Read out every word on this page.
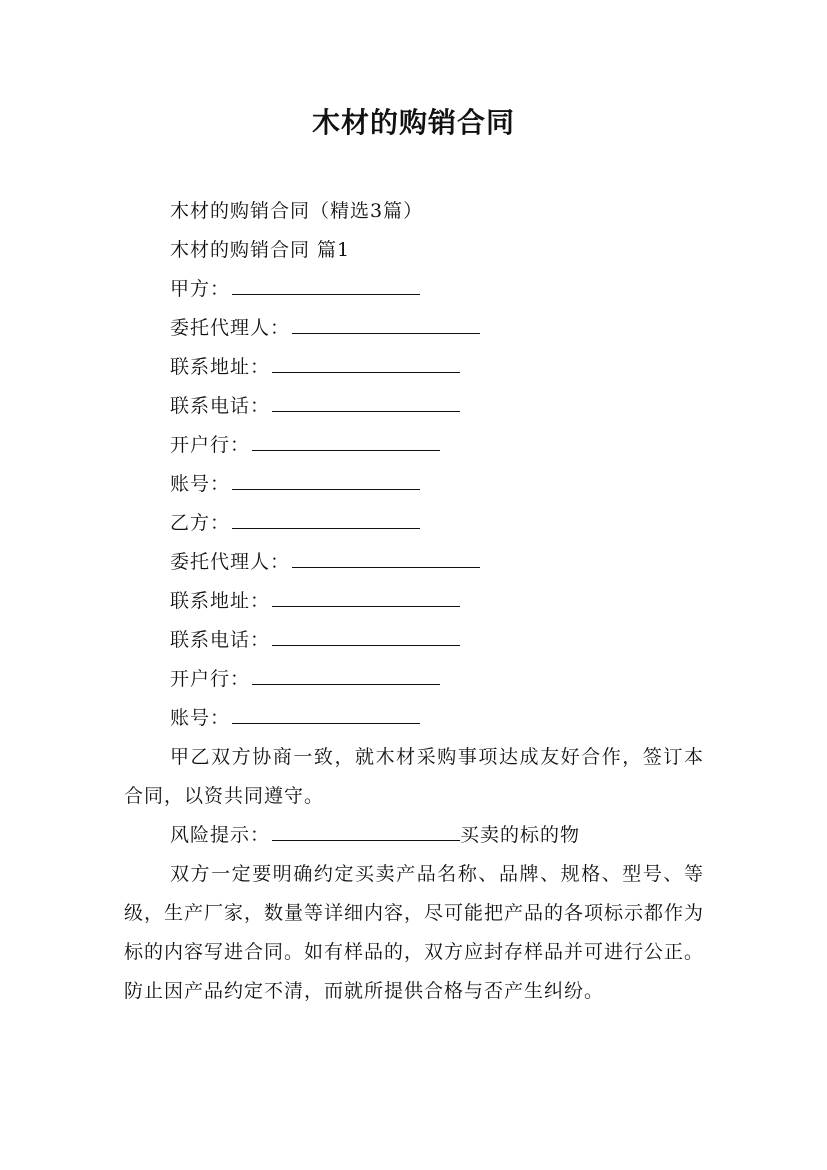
木材的购销合同

木材的购销合同（精选3篇）

木材的购销合同 篇1

甲方：

委托代理人：

联系地址：

联系电话：

开户行：

账号：

乙方：

委托代理人：

联系地址：

联系电话：

开户行：

账号：

甲乙双方协商一致，就木材采购事项达成友好合作，签订本合同，以资共同遵守。

风险提示：	买卖的标的物

双方一定要明确约定买卖产品名称、品牌、规格、型号、等级，生产厂家，数量等详细内容，尽可能把产品的各项标示都作为标的内容写进合同。如有样品的，双方应封存样品并可进行公正。防止因产品约定不清，而就所提供合格与否产生纠纷。
